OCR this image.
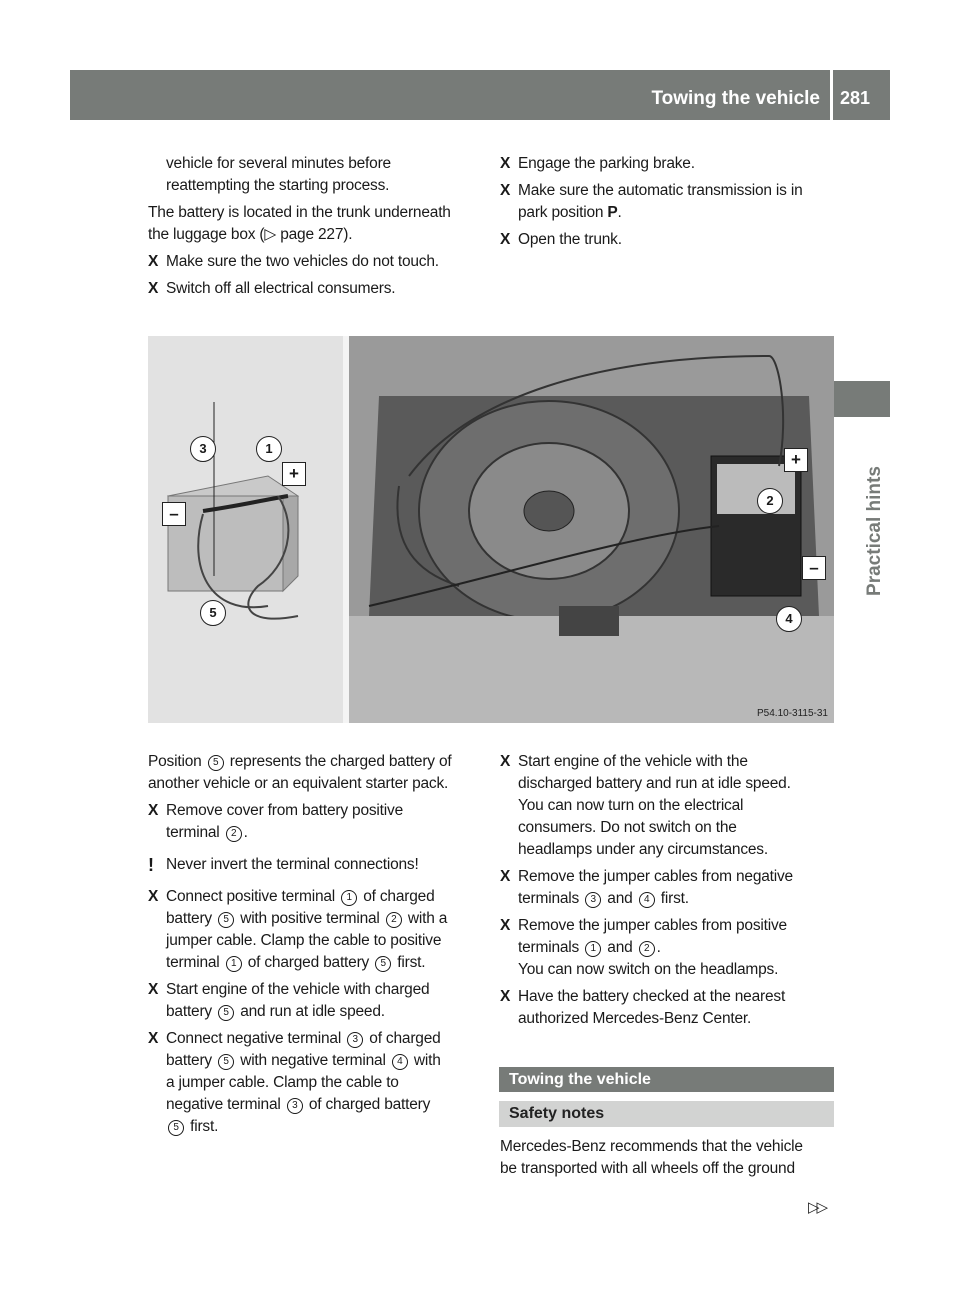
Towing the vehicle 281
Practical hints

vehicle for several minutes before

reattempting the starting process.

The battery is located in the trunk underneath

the luggage box (▷ page 227).

X Make sure the two vehicles do not touch.

X Switch off all electrical consumers.

X Engage the parking brake.

X Make sure the automatic transmission is in

park position P.

X Open the trunk.

3	1
5
+
–
+
2
–
4
P54.10-3115-31

Position 5 represents the charged battery of

another vehicle or an equivalent starter pack.

X Remove cover from battery positive

terminal 2 .

! Never invert the terminal connections!

X Connect positive terminal 1 of charged

battery 5 with positive terminal 2 with a

jumper cable. Clamp the cable to positive

terminal 1 of charged battery 5 first.

X Start engine of the vehicle with charged

battery 5 and run at idle speed.

X Connect negative terminal 3 of charged

battery 5 with negative terminal 4 with

a jumper cable. Clamp the cable to

negative terminal 3 of charged battery

5 first.

X Start engine of the vehicle with the

discharged battery and run at idle speed.

You can now turn on the electrical

consumers. Do not switch on the

headlamps under any circumstances.

X Remove the jumper cables from negative

terminals 3 and 4 first.

X Remove the jumper cables from positive

terminals 1 and 2 .

You can now switch on the headlamps.

X Have the battery checked at the nearest

authorized Mercedes-Benz Center.

Towing the vehicle
Safety notes

Mercedes-Benz recommends that the vehicle

be transported with all wheels off the ground

▷▷
